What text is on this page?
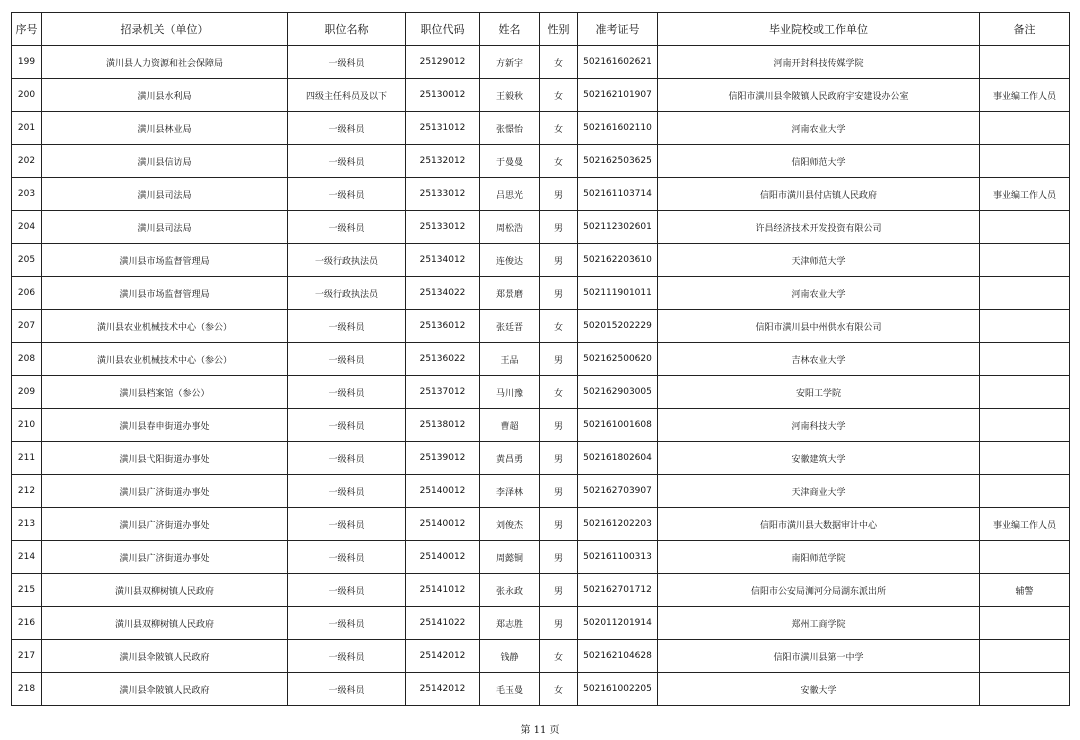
序号	招录机关（单位）	职位名称	职位代码	姓名	性别	准考证号	毕业院校或工作单位	备注
199	潢川县人力资源和社会保障局	一级科员	25129012	方新宇	女	502161602621	河南开封科技传媒学院	
200	潢川县水利局	四级主任科员及以下	25130012	王毅秋	女	502162101907	信阳市潢川县伞陂镇人民政府宇安建设办公室	事业编工作人员
201	潢川县林业局	一级科员	25131012	张憬怡	女	502161602110	河南农业大学	
202	潢川县信访局	一级科员	25132012	于曼曼	女	502162503625	信阳师范大学	
203	潢川县司法局	一级科员	25133012	吕思光	男	502161103714	信阳市潢川县付店镇人民政府	事业编工作人员
204	潢川县司法局	一级科员	25133012	周松浩	男	502112302601	许昌经济技术开发投资有限公司	
205	潢川县市场监督管理局	一级行政执法员	25134012	连俊达	男	502162203610	天津师范大学	
206	潢川县市场监督管理局	一级行政执法员	25134022	郑景磨	男	502111901011	河南农业大学	
207	潢川县农业机械技术中心（参公）	一级科员	25136012	张廷晋	女	502015202229	信阳市潢川县中州供水有限公司	
208	潢川县农业机械技术中心（参公）	一级科员	25136022	王品	男	502162500620	吉林农业大学	
209	潢川县档案馆（参公）	一级科员	25137012	马川豫	女	502162903005	安阳工学院	
210	潢川县春申街道办事处	一级科员	25138012	曹超	男	502161001608	河南科技大学	
211	潢川县弋阳街道办事处	一级科员	25139012	黄昌勇	男	502161802604	安徽建筑大学	
212	潢川县广济街道办事处	一级科员	25140012	李泽林	男	502162703907	天津商业大学	
213	潢川县广济街道办事处	一级科员	25140012	刘俊杰	男	502161202203	信阳市潢川县大数据审计中心	事业编工作人员
214	潢川县广济街道办事处	一级科员	25140012	周懿铜	男	502161100313	南阳师范学院	
215	潢川县双柳树镇人民政府	一级科员	25141012	张永政	男	502162701712	信阳市公安局浉河分局湖东派出所	辅警
216	潢川县双柳树镇人民政府	一级科员	25141022	郑志胜	男	502011201914	郑州工商学院	
217	潢川县伞陂镇人民政府	一级科员	25142012	钱静	女	502162104628	信阳市潢川县第一中学	
218	潢川县伞陂镇人民政府	一级科员	25142012	毛玉曼	女	502161002205	安徽大学	
第 11 页
